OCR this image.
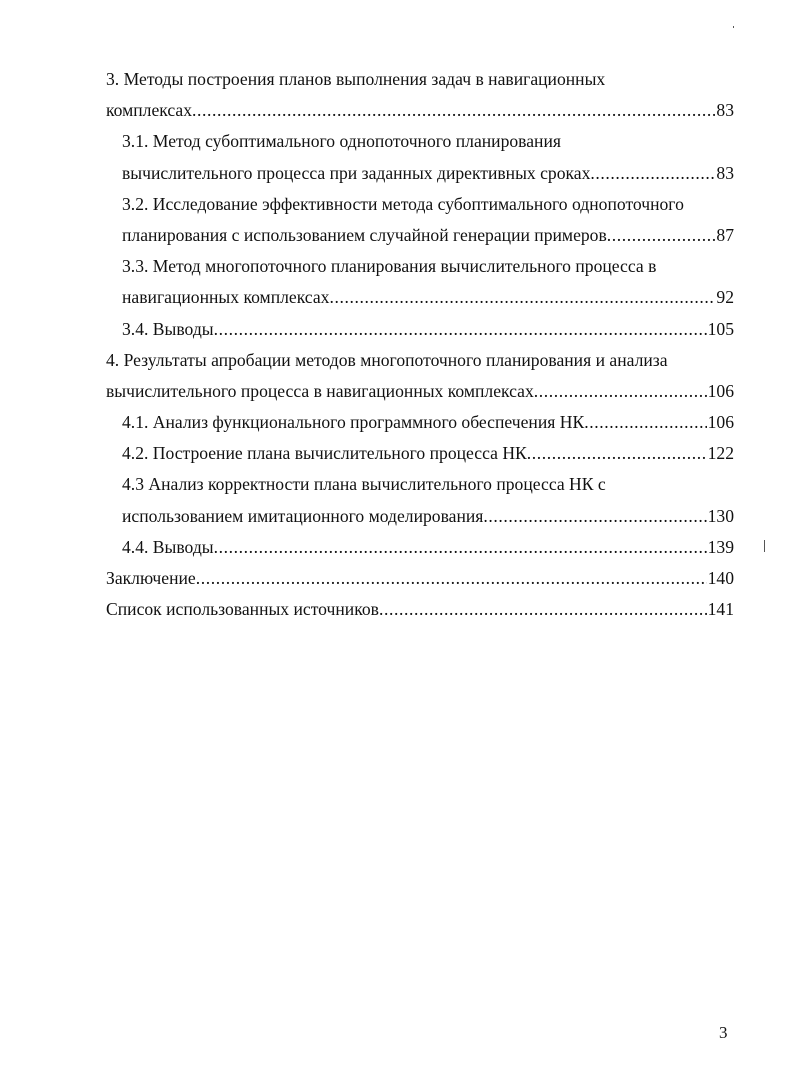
3. Методы построения планов выполнения задач в навигационных
комплексах .....	83
3.1. Метод субоптимального однопоточного планирования
вычислительного процесса при заданных директивных сроках .....	83
3.2. Исследование эффективности метода субоптимального однопоточного
планирования с использованием случайной генерации примеров .....	87
3.3. Метод многопоточного планирования вычислительного процесса в
навигационных комплексах .....	92
3.4. Выводы .....	105
4. Результаты апробации методов многопоточного планирования и анализа
вычислительного процесса в навигационных комплексах .....	106
4.1. Анализ функционального программного обеспечения НК .....	106
4.2. Построение плана вычислительного процесса НК .....	122
4.3 Анализ корректности плана вычислительного процесса НК с
использованием имитационного моделирования .....	130
4.4. Выводы .....	139
Заключение .....	140
Список использованных источников .....	141
3
